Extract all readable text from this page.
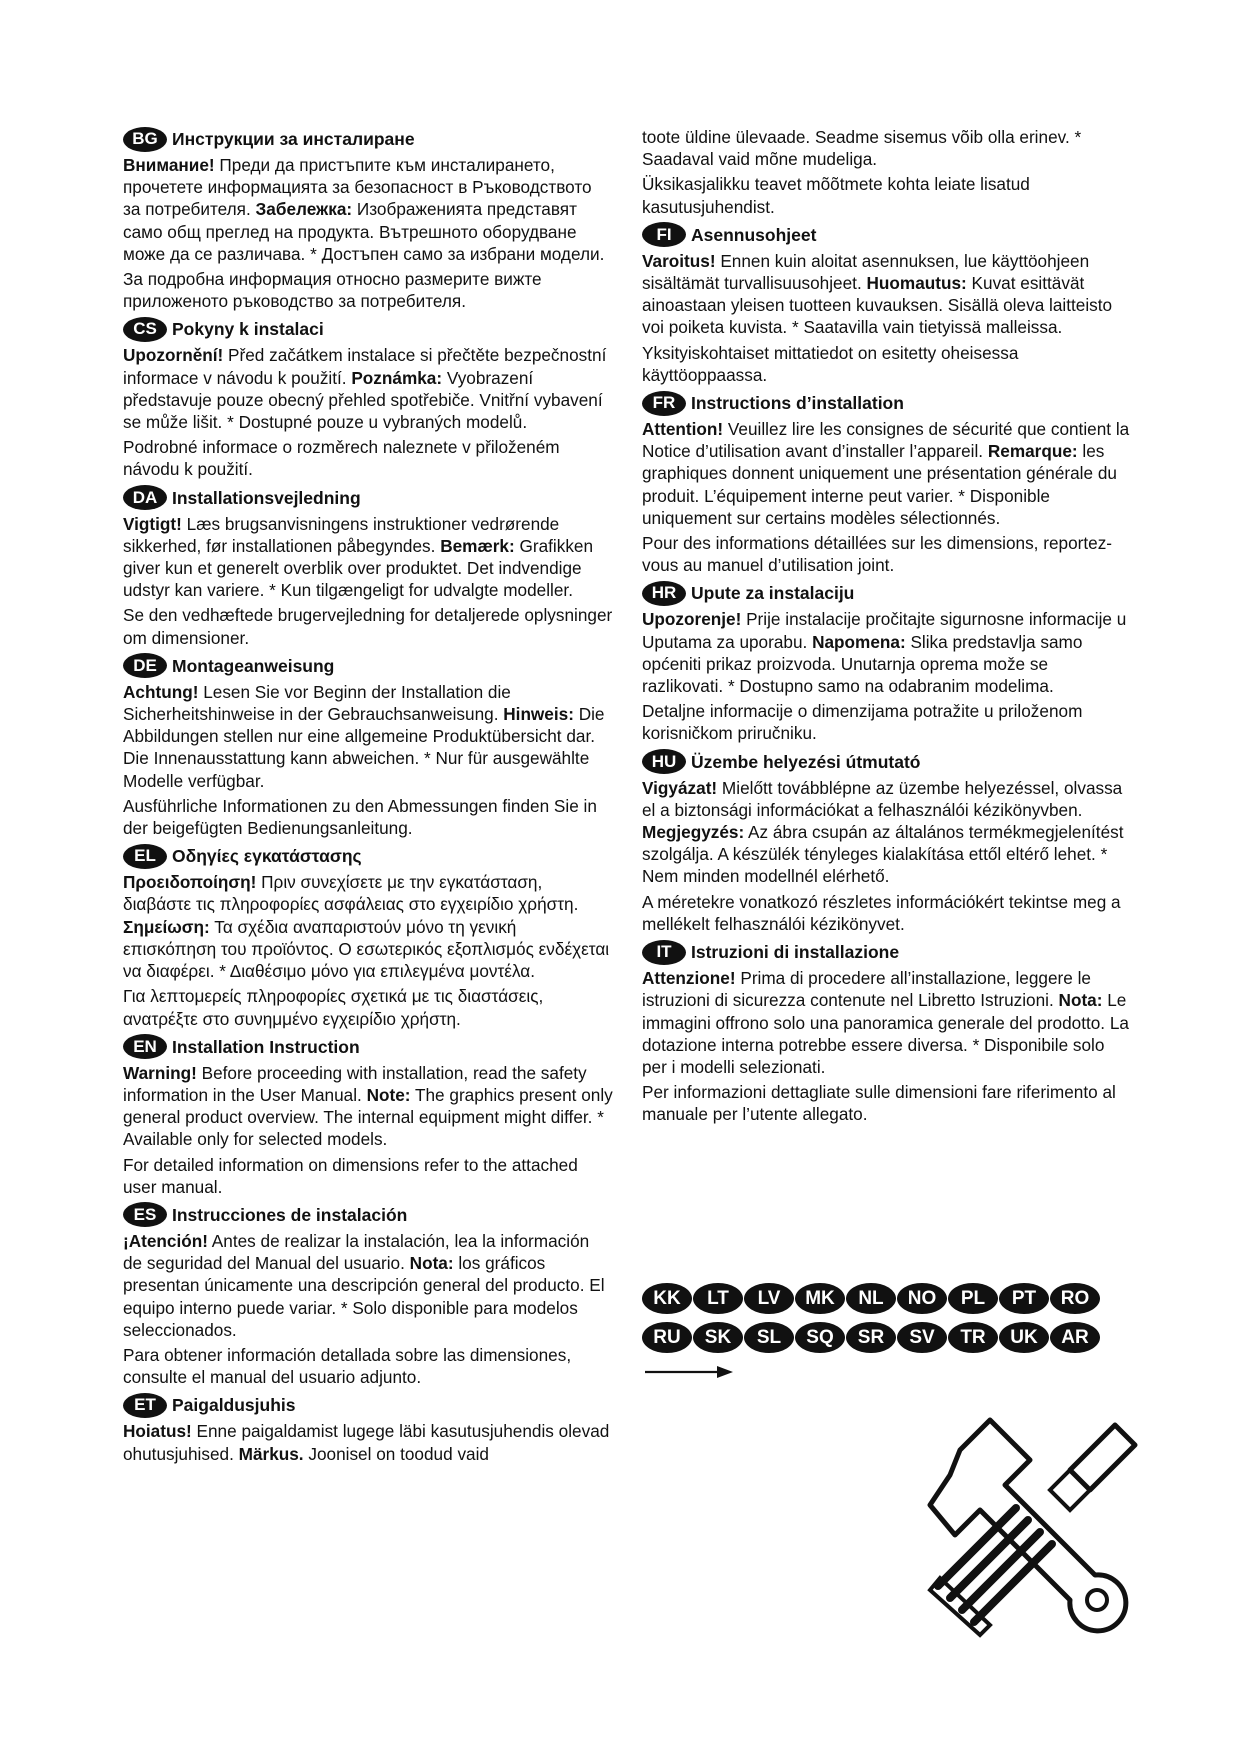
BG Инструкции за инсталиране
Внимание! Преди да пристъпите към инсталирането, прочетете информацията за безопасност в Ръководството за потребителя. Забележка: Изображенията представят само общ преглед на продукта. Вътрешното оборудване може да се различава. * Достъпен само за избрани модели.
За подробна информация относно размерите вижте приложеното ръководство за потребителя.
CS Pokyny k instalaci
Upozornění! Před začátkem instalace si přečtěte bezpečnostní informace v návodu k použití. Poznámka: Vyobrazení představuje pouze obecný přehled spotřebiče. Vnitřní vybavení se může lišit. * Dostupné pouze u vybraných modelů.
Podrobné informace o rozměrech naleznete v přiloženém návodu k použití.
DA Installationsvejledning
Vigtigt! Læs brugsanvisningens instruktioner vedrørende sikkerhed, før installationen påbegyndes. Bemærk: Grafikken giver kun et generelt overblik over produktet. Det indvendige udstyr kan variere. * Kun tilgængeligt for udvalgte modeller.
Se den vedhæftede brugervejledning for detaljerede oplysninger om dimensioner.
DE Montageanweisung
Achtung! Lesen Sie vor Beginn der Installation die Sicherheitshinweise in der Gebrauchsanweisung. Hinweis: Die Abbildungen stellen nur eine allgemeine Produktübersicht dar. Die Innenausstattung kann abweichen. * Nur für ausgewählte Modelle verfügbar.
Ausführliche Informationen zu den Abmessungen finden Sie in der beigefügten Bedienungsanleitung.
EL Οδηγίες εγκατάστασης
Προειδοποίηση! Πριν συνεχίσετε με την εγκατάσταση, διαβάστε τις πληροφορίες ασφάλειας στο εγχειρίδιο χρήστη. Σημείωση: Τα σχέδια αναπαριστούν μόνο τη γενική επισκόπηση του προϊόντος. Ο εσωτερικός εξοπλισμός ενδέχεται να διαφέρει. * Διαθέσιμο μόνο για επιλεγμένα μοντέλα.
Για λεπτομερείς πληροφορίες σχετικά με τις διαστάσεις, ανατρέξτε στο συνημμένο εγχειρίδιο χρήστη.
EN Installation Instruction
Warning! Before proceeding with installation, read the safety information in the User Manual. Note: The graphics present only general product overview. The internal equipment might differ. * Available only for selected models.
For detailed information on dimensions refer to the attached user manual.
ES Instrucciones de instalación
¡Atención! Antes de realizar la instalación, lea la información de seguridad del Manual del usuario. Nota: los gráficos presentan únicamente una descripción general del producto. El equipo interno puede variar. * Solo disponible para modelos seleccionados.
Para obtener información detallada sobre las dimensiones, consulte el manual del usuario adjunto.
ET Paigaldusjuhis
Hoiatus! Enne paigaldamist lugege läbi kasutusjuhendis olevad ohutusjuhised. Märkus. Joonisel on toodud vaid
toote üldine ülevaade. Seadme sisemus võib olla erinev. * Saadaval vaid mõne mudeliga.
Üksikasjalikku teavet mõõtmete kohta leiate lisatud kasutusjuhendist.
FI	Asennusohjeet
Varoitus! Ennen kuin aloitat asennuksen, lue käyttöohjeen sisältämät turvallisuusohjeet. Huomautus: Kuvat esittävät ainoastaan yleisen tuotteen kuvauksen. Sisällä oleva laitteisto voi poiketa kuvista. * Saatavilla vain tietyissä malleissa.
Yksityiskohtaiset mittatiedot on esitetty oheisessa käyttöoppaassa.
FR Instructions d’installation
Attention! Veuillez lire les consignes de sécurité que contient la Notice d’utilisation avant d’installer l’appareil. Remarque: les graphiques donnent uniquement une présentation générale du produit. L’équipement interne peut varier. * Disponible uniquement sur certains modèles sélectionnés.
Pour des informations détaillées sur les dimensions, reportez-vous au manuel d’utilisation joint.
HR Upute za instalaciju
Upozorenje! Prije instalacije pročitajte sigurnosne informacije u Uputama za uporabu. Napomena: Slika predstavlja samo općeniti prikaz proizvoda. Unutarnja oprema može se razlikovati. * Dostupno samo na odabranim modelima.
Detaljne informacije o dimenzijama potražite u priloženom korisničkom priručniku.
HU Üzembe helyezési útmutató
Vigyázat! Mielőtt továbblépne az üzembe helyezéssel, olvassa el a biztonsági információkat a felhasználói kézikönyvben. Megjegyzés: Az ábra csupán az általános termékmegjelenítést szolgálja. A készülék tényleges kialakítása ettől eltérő lehet. * Nem minden modellnél elérhető.
A méretekre vonatkozó részletes információkért tekintse meg a mellékelt felhasználói kézikönyvet.
IT	Istruzioni di installazione
Attenzione! Prima di procedere all’installazione, leggere le istruzioni di sicurezza contenute nel Libretto Istruzioni. Nota: Le immagini offrono solo una panoramica generale del prodotto. La dotazione interna potrebbe essere diversa. * Disponibile solo per i modelli selezionati.
Per informazioni dettagliate sulle dimensioni fare riferimento al manuale per l’utente allegato.
KK	LT	LV	MK	NL	NO	PL	PT	RO
RU	SK	SL	SQ	SR	SV	TR	UK	AR
